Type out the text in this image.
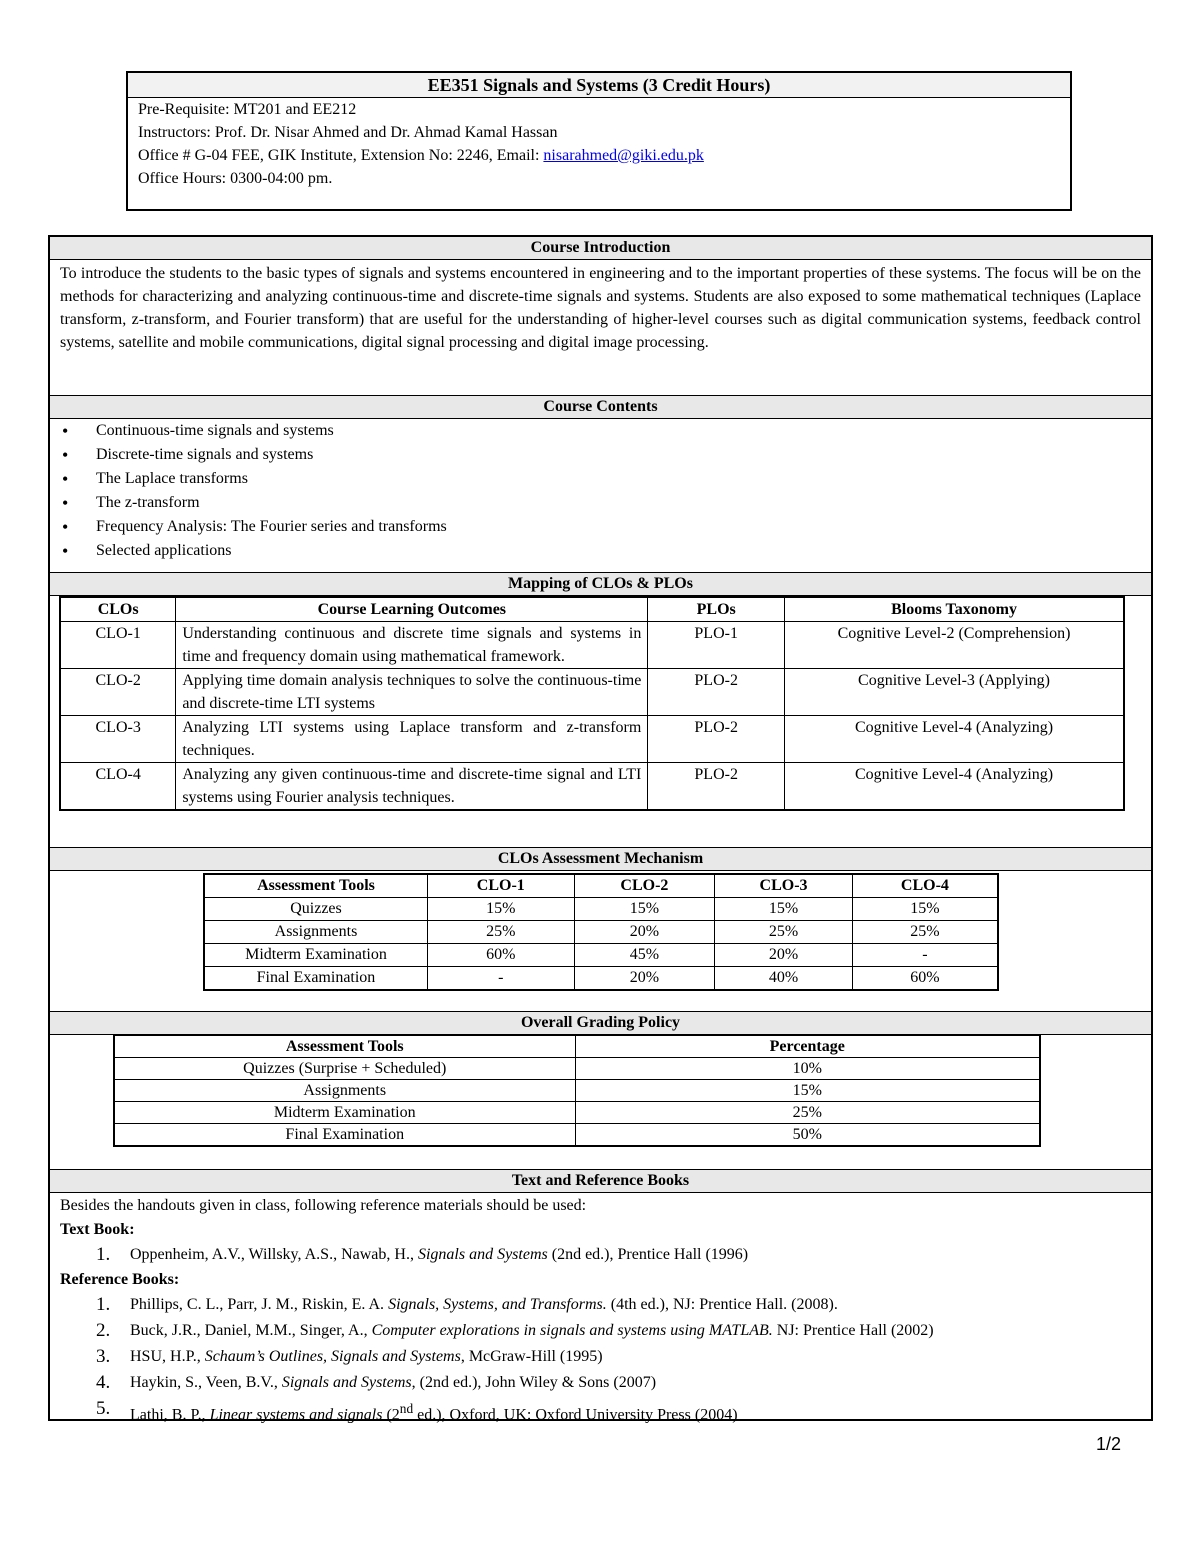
EE351 Signals and Systems (3 Credit Hours)
Pre-Requisite: MT201 and EE212
Instructors: Prof. Dr. Nisar Ahmed and Dr. Ahmad Kamal Hassan
Office # G-04 FEE, GIK Institute, Extension No: 2246, Email: nisarahmed@giki.edu.pk
Office Hours: 0300-04:00 pm.
Course Introduction
To introduce the students to the basic types of signals and systems encountered in engineering and to the important properties of these systems. The focus will be on the methods for characterizing and analyzing continuous-time and discrete-time signals and systems. Students are also exposed to some mathematical techniques (Laplace transform, z-transform, and Fourier transform) that are useful for the understanding of higher-level courses such as digital communication systems, feedback control systems, satellite and mobile communications, digital signal processing and digital image processing.
Course Contents
• Continuous-time signals and systems
• Discrete-time signals and systems
• The Laplace transforms
• The z-transform
• Frequency Analysis: The Fourier series and transforms
• Selected applications
Mapping of CLOs & PLOs
CLOs	Course Learning Outcomes	PLOs	Blooms Taxonomy
CLO-1	Understanding continuous and discrete time signals and systems in time and frequency domain using mathematical framework.	PLO-1	Cognitive Level-2 (Comprehension)
CLO-2	Applying time domain analysis techniques to solve the continuous-time and discrete-time LTI systems	PLO-2	Cognitive Level-3 (Applying)
CLO-3	Analyzing LTI systems using Laplace transform and z-transform techniques.	PLO-2	Cognitive Level-4 (Analyzing)
CLO-4	Analyzing any given continuous-time and discrete-time signal and LTI systems using Fourier analysis techniques.	PLO-2	Cognitive Level-4 (Analyzing)
CLOs Assessment Mechanism
Assessment Tools	CLO-1	CLO-2	CLO-3	CLO-4
Quizzes	15%	15%	15%	15%
Assignments	25%	20%	25%	25%
Midterm Examination	60%	45%	20%	-
Final Examination	-	20%	40%	60%
Overall Grading Policy
Assessment Tools	Percentage
Quizzes (Surprise + Scheduled)	10%
Assignments	15%
Midterm Examination	25%
Final Examination	50%
Text and Reference Books
Besides the handouts given in class, following reference materials should be used:
Text Book:
1. Oppenheim, A.V., Willsky, A.S., Nawab, H., Signals and Systems (2nd ed.), Prentice Hall (1996)
Reference Books:
1. Phillips, C. L., Parr, J. M., Riskin, E. A. Signals, Systems, and Transforms. (4th ed.), NJ: Prentice Hall. (2008).
2. Buck, J.R., Daniel, M.M., Singer, A., Computer explorations in signals and systems using MATLAB. NJ: Prentice Hall (2002)
3. HSU, H.P., Schaum’s Outlines, Signals and Systems, McGraw-Hill (1995)
4. Haykin, S., Veen, B.V., Signals and Systems, (2nd ed.), John Wiley & Sons (2007)
5. Lathi, B. P., Linear systems and signals (2nd ed.), Oxford, UK: Oxford University Press (2004)
1/2
